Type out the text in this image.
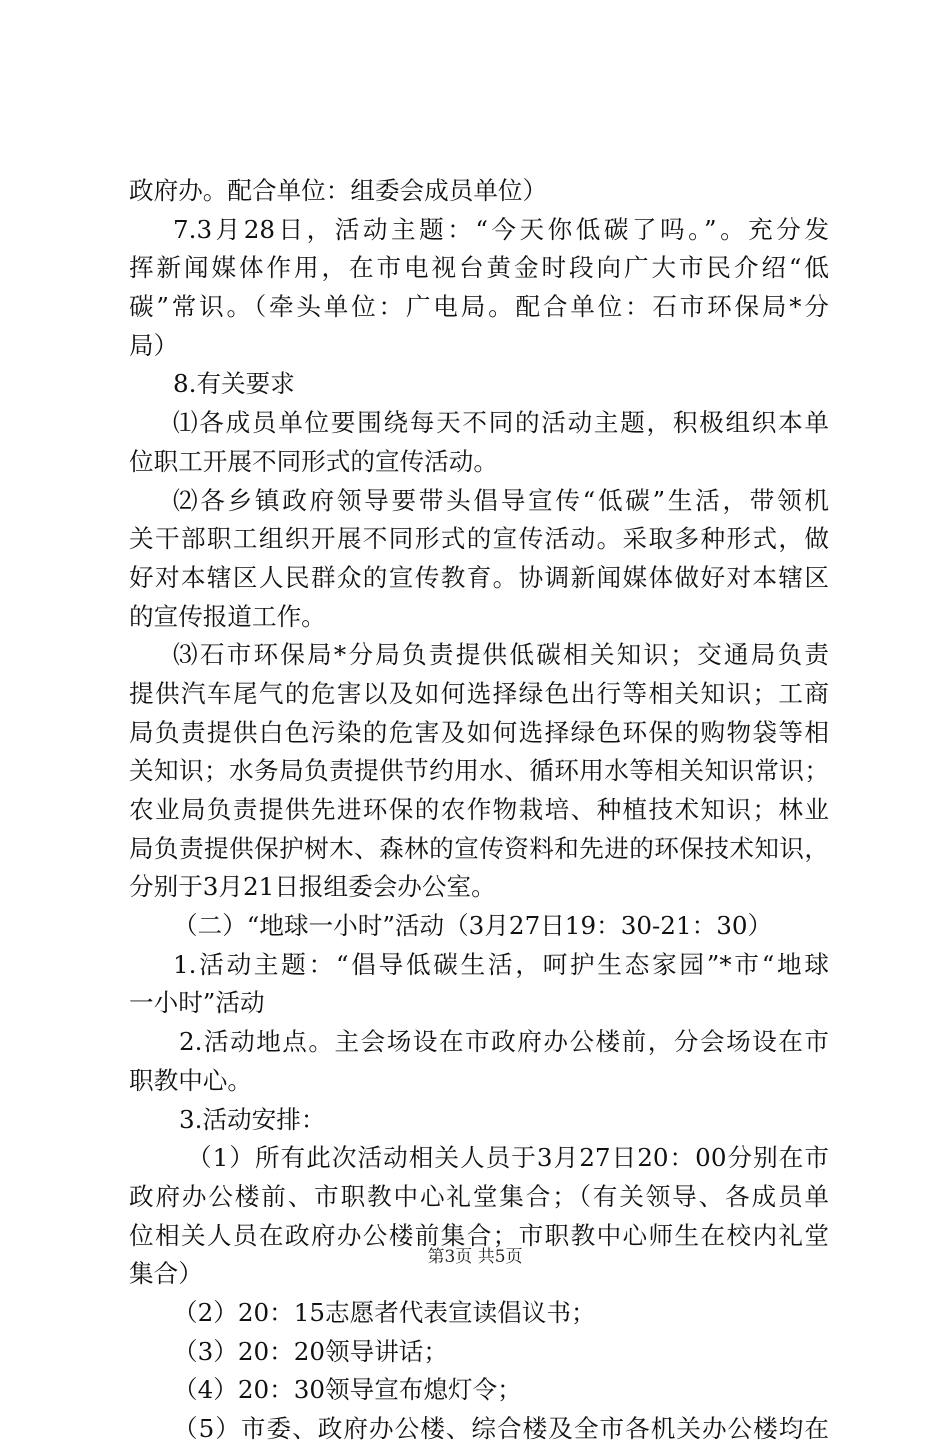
政府办。配合单位：组委会成员单位）
7.3月28日，活动主题：“今天你低碳了吗。”。充分发
挥新闻媒体作用，在市电视台黄金时段向广大市民介绍“低
碳”常识。（牵头单位：广电局。配合单位：石市环保局*分
局）
8.有关要求
⑴各成员单位要围绕每天不同的活动主题，积极组织本单
位职工开展不同形式的宣传活动。
⑵各乡镇政府领导要带头倡导宣传“低碳”生活，带领机
关干部职工组织开展不同形式的宣传活动。采取多种形式，做
好对本辖区人民群众的宣传教育。协调新闻媒体做好对本辖区
的宣传报道工作。
⑶石市环保局*分局负责提供低碳相关知识；交通局负责
提供汽车尾气的危害以及如何选择绿色出行等相关知识；工商
局负责提供白色污染的危害及如何选择绿色环保的购物袋等相
关知识；水务局负责提供节约用水、循环用水等相关知识常识；
农业局负责提供先进环保的农作物栽培、种植技术知识；林业
局负责提供保护树木、森林的宣传资料和先进的环保技术知识，
分别于3月21日报组委会办公室。
（二）“地球一小时”活动（3月27日19：30-21：30）
1.活动主题：“倡导低碳生活，呵护生态家园”*市“地球
一小时”活动
2.活动地点。主会场设在市政府办公楼前，分会场设在市
职教中心。
3.活动安排：
（1）所有此次活动相关人员于3月27日20：00分别在市
政府办公楼前、市职教中心礼堂集合；（有关领导、各成员单
位相关人员在政府办公楼前集合；市职教中心师生在校内礼堂
集合）
（2）20：15志愿者代表宣读倡议书；
（3）20：20领导讲话；
（4）20：30领导宣布熄灯令；
（5）市委、政府办公楼、综合楼及全市各机关办公楼均在
第3页 共5页
